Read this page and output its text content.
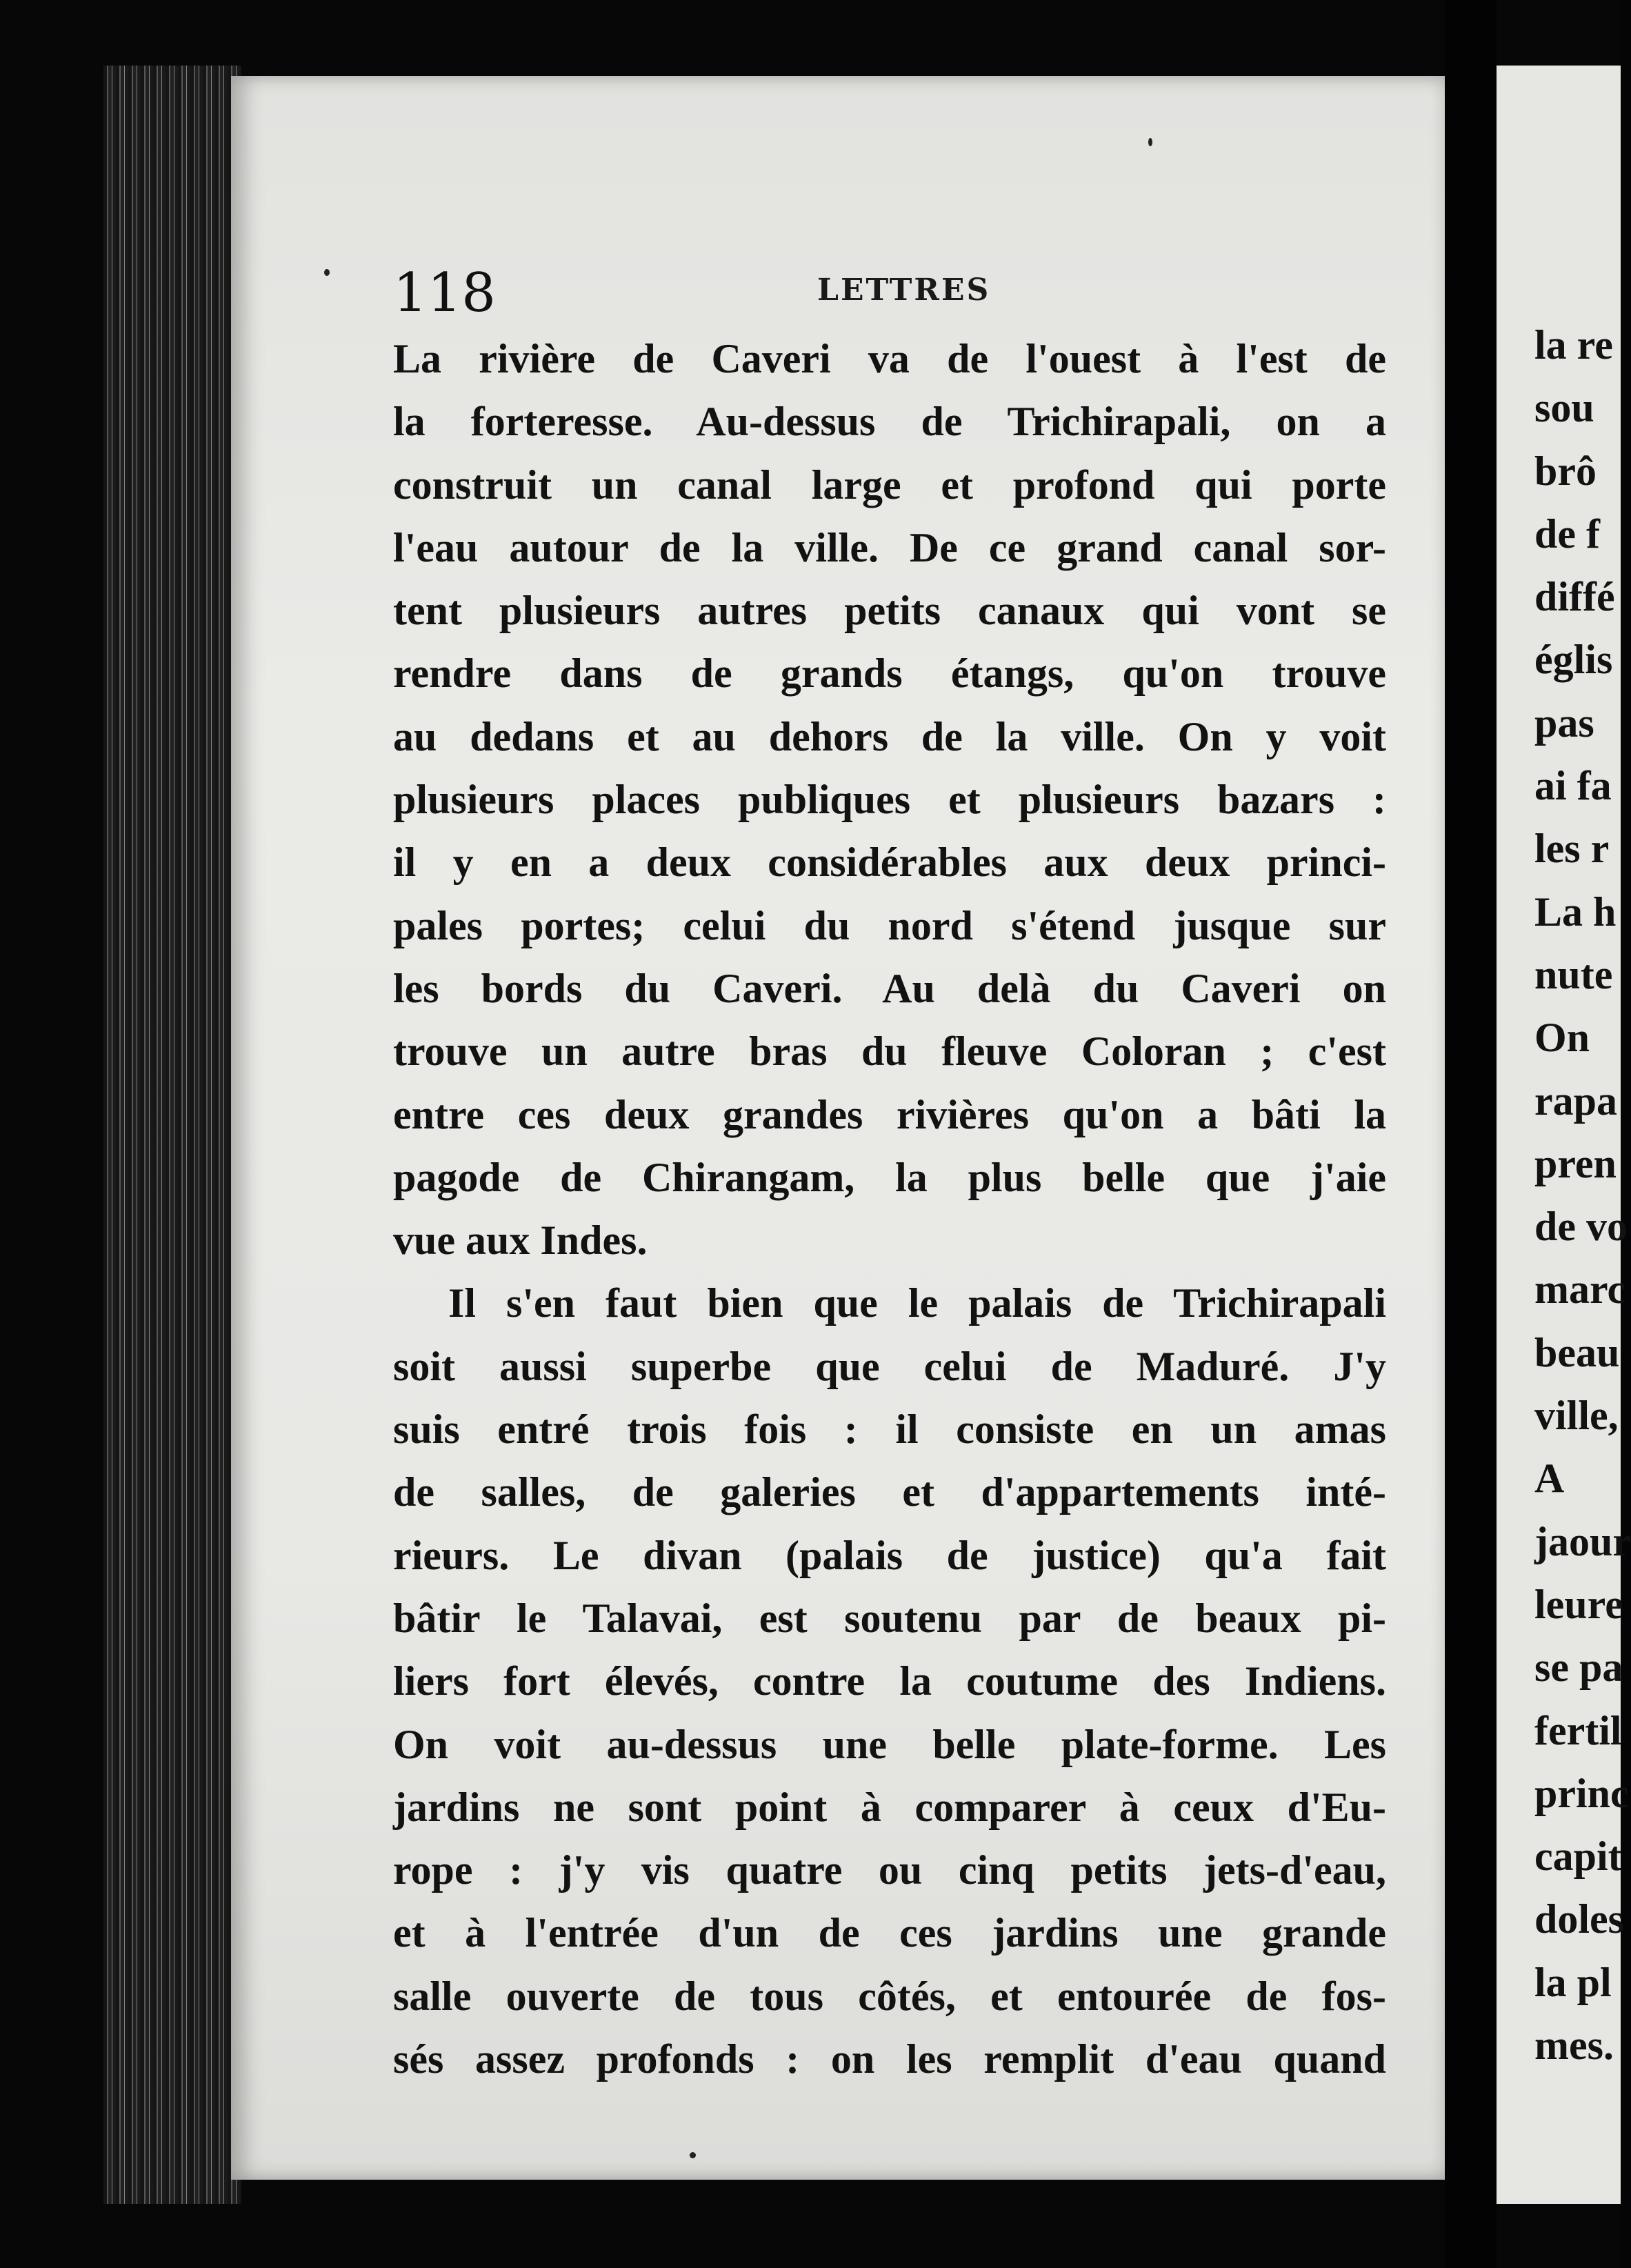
118	LETTRES
La rivière de Caveri va de l'ouest à l'est de
la forteresse. Au-dessus de Trichirapali, on a
construit un canal large et profond qui porte
l'eau autour de la ville. De ce grand canal sor-
tent plusieurs autres petits canaux qui vont se
rendre dans de grands étangs, qu'on trouve
au dedans et au dehors de la ville. On y voit
plusieurs places publiques et plusieurs bazars :
il y en a deux considérables aux deux princi-
pales portes; celui du nord s'étend jusque sur
les bords du Caveri. Au delà du Caveri on
trouve un autre bras du fleuve Coloran ; c'est
entre ces deux grandes rivières qu'on a bâti la
pagode de Chirangam, la plus belle que j'aie
vue aux Indes.
Il s'en faut bien que le palais de Trichirapali
soit aussi superbe que celui de Maduré. J'y
suis entré trois fois : il consiste en un amas
de salles, de galeries et d'appartements inté-
rieurs. Le divan (palais de justice) qu'a fait
bâtir le Talavai, est soutenu par de beaux pi-
liers fort élevés, contre la coutume des Indiens.
On voit au-dessus une belle plate-forme. Les
jardins ne sont point à comparer à ceux d'Eu-
rope : j'y vis quatre ou cinq petits jets-d'eau,
et à l'entrée d'un de ces jardins une grande
salle ouverte de tous côtés, et entourée de fos-
sés assez profonds : on les remplit d'eau quand
la re
sou
brô
de f
diffé
églis
pas
ai fa
les r
La h
nute
On
rapa
pren
de vo
marc
beau
ville,
A
jaour
leure
se pa
fertil
princ
capit
doles
la pl
mes.
